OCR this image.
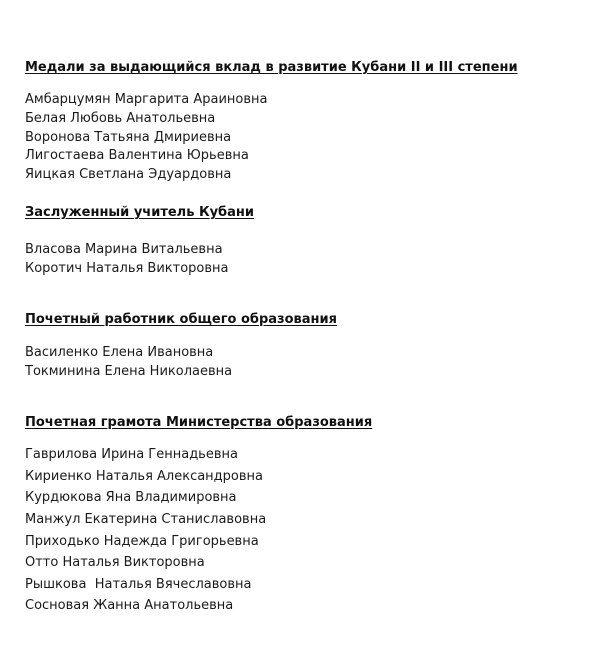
Медали за выдающийся вклад в развитие Кубани II и III степени
Амбарцумян Маргарита Араиновна
Белая Любовь Анатольевна
Воронова Татьяна Дмириевна
Лигостаева Валентина Юрьевна
Яицкая Светлана Эдуардовна
Заслуженный учитель Кубани
Власова Марина Витальевна
Коротич Наталья Викторовна
Почетный работник общего образования
Василенко Елена Ивановна
Токминина Елена Николаевна
Почетная грамота Министерства образования
Гаврилова Ирина Геннадьевна
Кириенко Наталья Александровна
Курдюкова Яна Владимировна
Манжул Екатерина Станиславовна
Приходько Надежда Григорьевна
Отто Наталья Викторовна
Рышкова  Наталья Вячеславовна
Сосновая Жанна Анатольевна
